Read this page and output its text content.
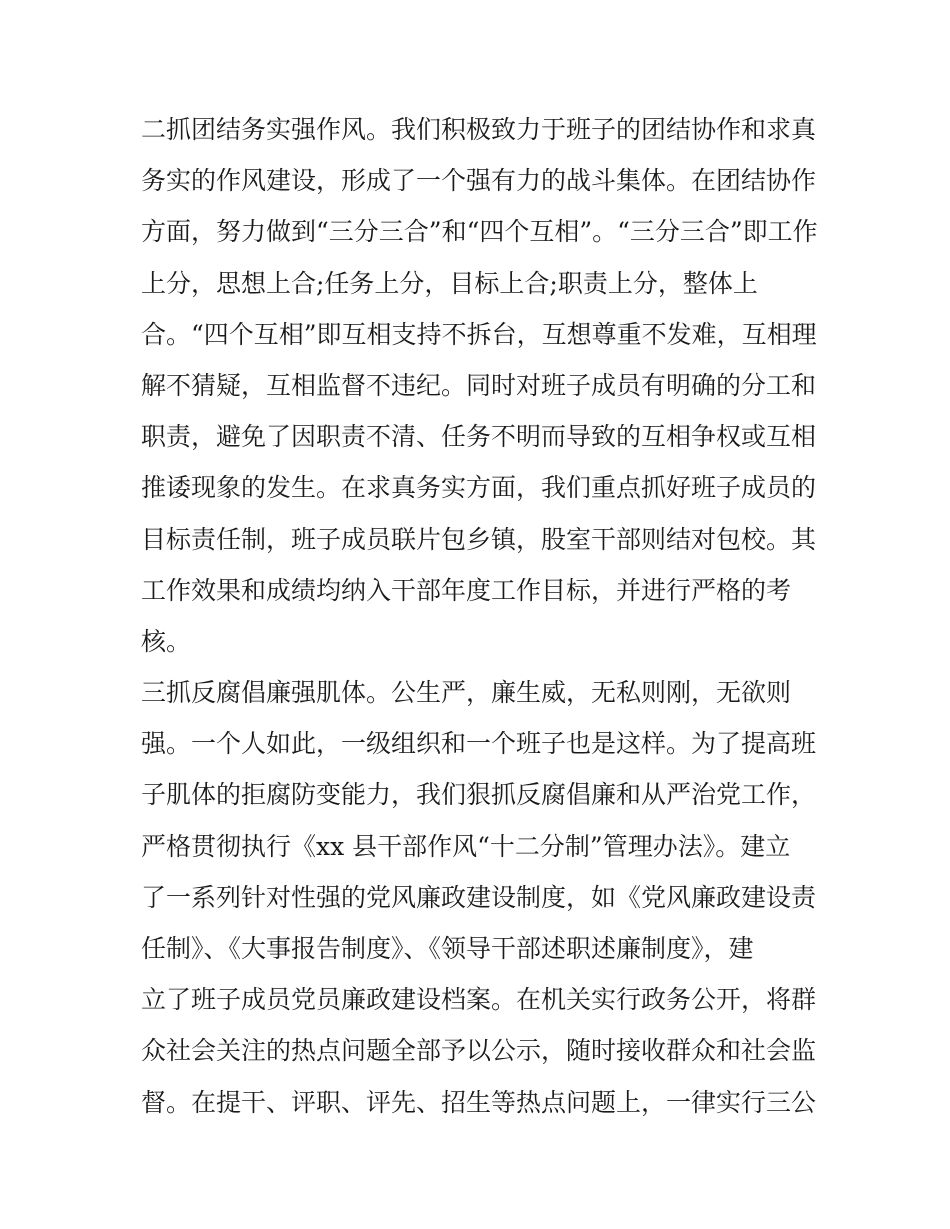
二抓团结务实强作风。我们积极致力于班子的团结协作和求真
务实的作风建设，形成了一个强有力的战斗集体。在团结协作
方面，努力做到“三分三合”和“四个互相”。“三分三合”即工作
上分，思想上合;任务上分，目标上合;职责上分，整体上
合。“四个互相”即互相支持不拆台，互想尊重不发难，互相理
解不猜疑，互相监督不违纪。同时对班子成员有明确的分工和
职责，避免了因职责不清、任务不明而导致的互相争权或互相
推诿现象的发生。在求真务实方面，我们重点抓好班子成员的
目标责任制，班子成员联片包乡镇，股室干部则结对包校。其
工作效果和成绩均纳入干部年度工作目标，并进行严格的考
核。
三抓反腐倡廉强肌体。公生严，廉生威，无私则刚，无欲则
强。一个人如此，一级组织和一个班子也是这样。为了提高班
子肌体的拒腐防变能力，我们狠抓反腐倡廉和从严治党工作，
严格贯彻执行《xx 县干部作风“十二分制”管理办法》。建立
了一系列针对性强的党风廉政建设制度，如《党风廉政建设责
任制》、《大事报告制度》、《领导干部述职述廉制度》，建
立了班子成员党员廉政建设档案。在机关实行政务公开，将群
众社会关注的热点问题全部予以公示，随时接收群众和社会监
督。在提干、评职、评先、招生等热点问题上，一律实行三公
